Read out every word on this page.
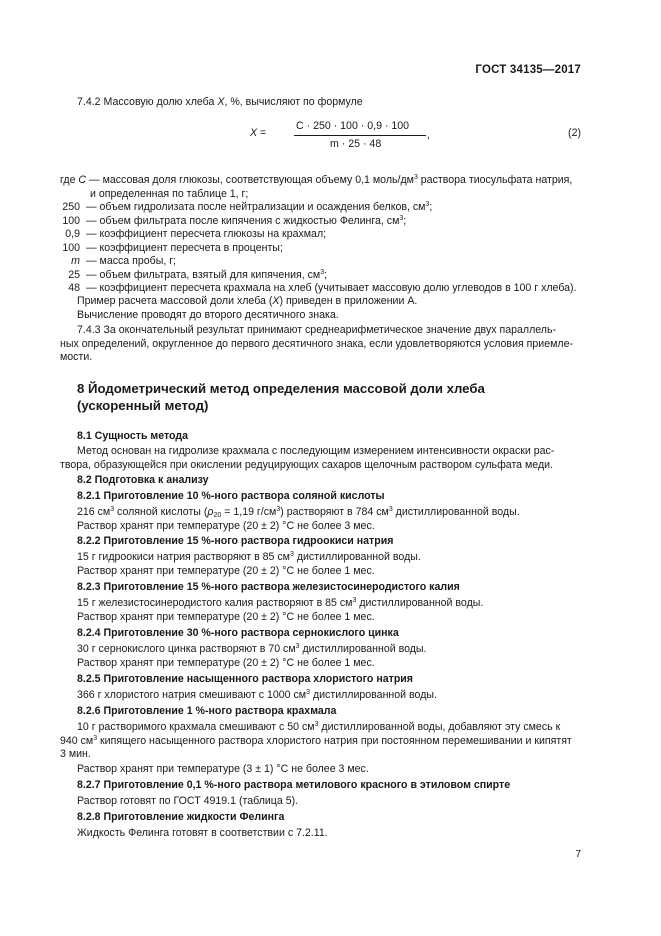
ГОСТ 34135—2017
7.4.2 Массовую долю хлеба X, %, вычисляют по формуле
X =
C · 250 · 100 · 0,9 · 100
m · 25 · 48
,	(2)
где C — массовая доля глюкозы, соответствующая объему 0,1 моль/$дм^3$ раствора тиосульфата натрия,
и определенная по таблице 1, г;
250 — объем гидролизата после нейтрализации и осаждения белков, $см^3$;
100 — объем фильтрата после кипячения с жидкостью Фелинга, $см^3$;
0,9 — коэффициент пересчета глюкозы на крахмал;
100 — коэффициент пересчета в проценты;
m — масса пробы, г;
25 — объем фильтрата, взятый для кипячения, $см^3$;
48 — коэффициент пересчета крахмала на хлеб (учитывает массовую долю углеводов в 100 г хлеба).
Пример расчета массовой доли хлеба (X) приведен в приложении А.
Вычисление проводят до второго десятичного знака.
7.4.3 За окончательный результат принимают среднеарифметическое значение двух параллель-
ных определений, округленное до первого десятичного знака, если удовлетворяются условия приемле-
мости.
8 Йодометрический метод определения массовой доли хлеба
(ускоренный метод)
8.1 Сущность метода
Метод основан на гидролизе крахмала с последующим измерением интенсивности окраски рас-
твора, образующейся при окислении редуцирующих сахаров щелочным раствором сульфата меди.
8.2 Подготовка к анализу
8.2.1 Приготовление 10 %-ного раствора соляной кислоты
216 $см^3$ соляной кислоты ($\rho_{20} = 1,19$ $г/см^3$) растворяют в 784 $см^3$ дистиллированной воды.
Раствор хранят при температуре (20 ± 2) °С не более 3 мес.
8.2.2 Приготовление 15 %-ного раствора гидроокиси натрия
15 г гидроокиси натрия растворяют в 85 $см^3$ дистиллированной воды.
Раствор хранят при температуре (20 ± 2) °С не более 1 мес.
8.2.3 Приготовление 15 %-ного раствора железистосинеродистого калия
15 г железистосинеродистого калия растворяют в 85 $см^3$ дистиллированной воды.
Раствор хранят при температуре (20 ± 2) °С не более 1 мес.
8.2.4 Приготовление 30 %-ного раствора сернокислого цинка
30 г сернокислого цинка растворяют в 70 $см^3$ дистиллированной воды.
Раствор хранят при температуре (20 ± 2) °С не более 1 мес.
8.2.5 Приготовление насыщенного раствора хлористого натрия
366 г хлористого натрия смешивают с 1000 $см^3$ дистиллированной воды.
8.2.6 Приготовление 1 %-ного раствора крахмала
10 г растворимого крахмала смешивают с 50 $см^3$ дистиллированной воды, добавляют эту смесь к
940 $см^3$ кипящего насыщенного раствора хлористого натрия при постоянном перемешивании и кипятят
3 мин.
Раствор хранят при температуре (3 ± 1) °С не более 3 мес.
8.2.7 Приготовление 0,1 %-ного раствора метилового красного в этиловом спирте
Раствор готовят по ГОСТ 4919.1 (таблица 5).
8.2.8 Приготовление жидкости Фелинга
Жидкость Фелинга готовят в соответствии с 7.2.11.
7
